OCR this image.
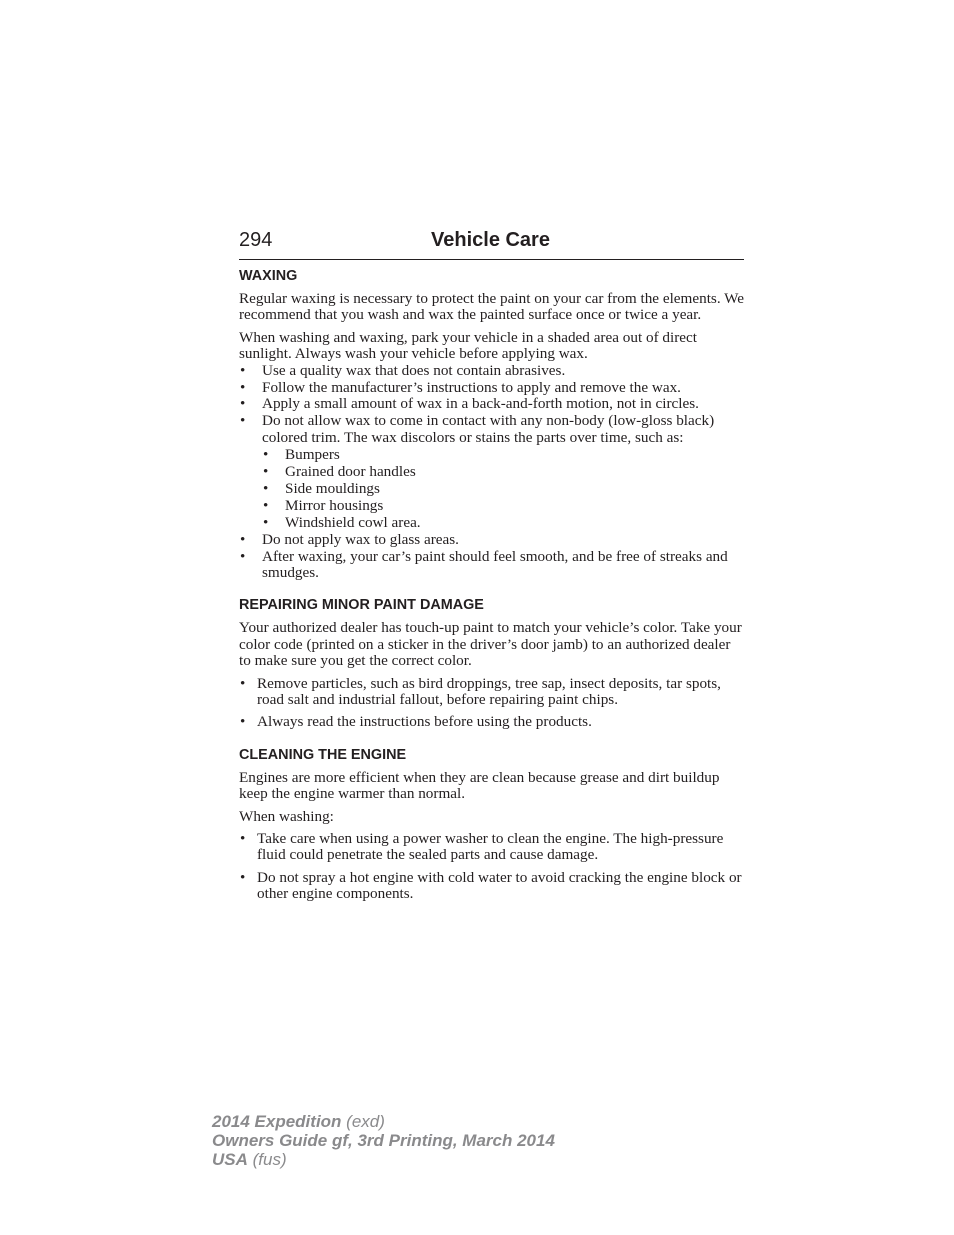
294	Vehicle Care
WAXING

Regular waxing is necessary to protect the paint on your car from the elements. We recommend that you wash and wax the painted surface once or twice a year.

When washing and waxing, park your vehicle in a shaded area out of direct sunlight. Always wash your vehicle before applying wax.

• Use a quality wax that does not contain abrasives.
• Follow the manufacturer’s instructions to apply and remove the wax.
• Apply a small amount of wax in a back-and-forth motion, not in circles.
• Do not allow wax to come in contact with any non-body (low-gloss black) colored trim. The wax discolors or stains the parts over time, such as:
• Bumpers
• Grained door handles
• Side mouldings
• Mirror housings
• Windshield cowl area.
• Do not apply wax to glass areas.
• After waxing, your car’s paint should feel smooth, and be free of streaks and smudges.
REPAIRING MINOR PAINT DAMAGE

Your authorized dealer has touch-up paint to match your vehicle’s color. Take your color code (printed on a sticker in the driver’s door jamb) to an authorized dealer to make sure you get the correct color.

• Remove particles, such as bird droppings, tree sap, insect deposits, tar spots, road salt and industrial fallout, before repairing paint chips.
• Always read the instructions before using the products.
CLEANING THE ENGINE

Engines are more efficient when they are clean because grease and dirt buildup keep the engine warmer than normal.

When washing:

• Take care when using a power washer to clean the engine. The high-pressure fluid could penetrate the sealed parts and cause damage.
• Do not spray a hot engine with cold water to avoid cracking the engine block or other engine components.
2014 Expedition (exd)
Owners Guide gf, 3rd Printing, March 2014
USA (fus)
